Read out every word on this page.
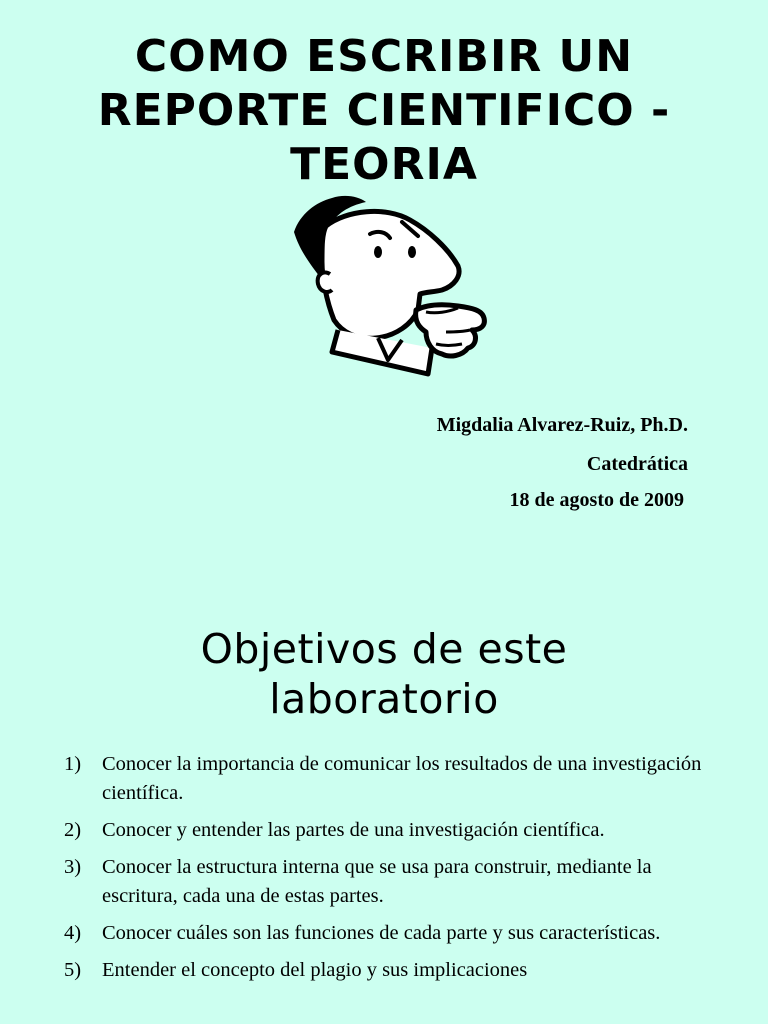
COMO ESCRIBIR UN
REPORTE CIENTIFICO -
TEORIA
Migdalia Alvarez-Ruiz, Ph.D.
Catedrática
18 de agosto de 2009
Objetivos de este
laboratorio
1)	Conocer la importancia de comunicar los resultados de una investigación científica.
2)	Conocer y entender las partes de una investigación científica.
3)	Conocer la estructura interna que se usa para construir, mediante la escritura, cada una de estas partes.
4)	Conocer cuáles son las funciones de cada parte y sus características.
5)	Entender el concepto del plagio y sus implicaciones
